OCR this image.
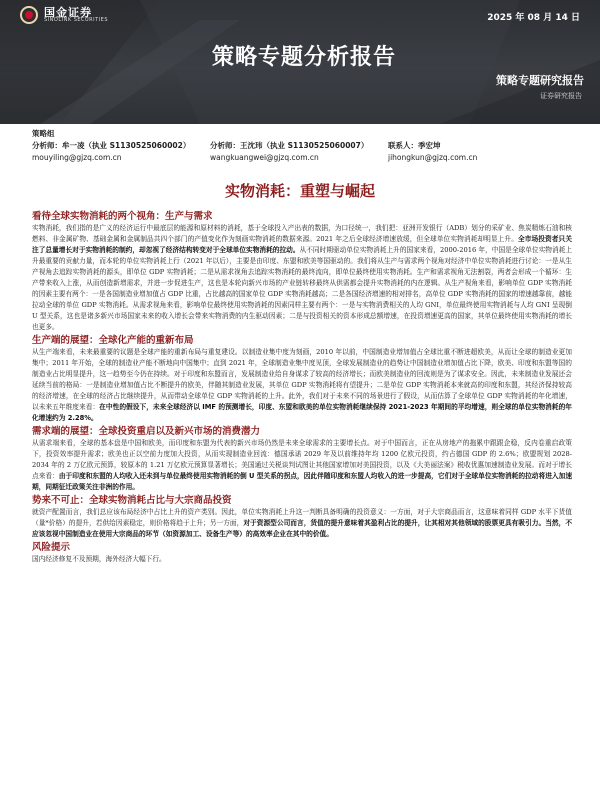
国金证券
SINOLINK SECURITIES	2025 年 08 月 14 日
策略专题分析报告
策略专题研究报告
证券研究报告
策略组
分析师：牟一凌（执业 S1130525060002）	分析师：王沈玮（执业 S1130525060007）	联系人：季宏坤
mouyiling@gjzq.com.cn	wangkuangwei@gjzq.com.cn	jihongkun@gjzq.com.cn
实物消耗：重塑与崛起
看待全球实物消耗的两个视角：生产与需求

实物消耗，我们指的是广义的经济运行中最底层的能源和原材料的消耗，基于全球投入产出表的数据，为口径统一，我们把：亚洲开发银行（ADB）划分的采矿业、焦炭精炼石油和核燃料、非金属矿物、基础金属和金属制品共四个部门的产值变化作为刻画实物消耗的数据来源。2021 年之后全球经济增速放缓，但全球单位实物消耗却明显上升。全市场投资者只关注了总量增长对于实物消耗的制约，却忽视了经济结构转变对于全球单位实物消耗的拉动。从不同时期驱动单位实物消耗上升的国家来看，2000-2016 年，中国是全球单位实物消耗上升最重要的贡献力量，而本轮的单位实物消耗上行（2021 年以后），主要是由印度、东盟和欧美等国驱动的。我们将从生产与需求两个视角对经济中单位实物消耗进行讨论：一是从生产视角去追踪实物消耗的源头，即单位 GDP 实物消耗；二是从需求视角去追踪实物消耗的最终流向，即单位最终使用实物消耗。生产和需求视角无法割裂，两者会形成一个循环：生产带来收入上涨，从而创造新增需求，并进一步促进生产，这也是本轮向新兴市场的产业链转移最终从供需都会提升实物消耗的内在逻辑。从生产视角来看，影响单位 GDP 实物消耗的因素主要有两个：一是各国制造业增加值占 GDP 比重，占比越高的国家单位 GDP 实物消耗越高；二是各国经济增速的相对排名，高单位 GDP 实物消耗的国家的增速越靠前，越能拉动全球的单位 GDP 实物消耗。从需求视角来看，影响单位最终使用实物消耗的因素同样主要有两个：一是与实物消费相关的人均 GNI，单位最终使用实物消耗与人均 GNI 呈现倒 U 型关系，这也是诸多新兴市场国家未来的收入增长会带来实物消费的内生驱动因素；二是与投资相关的资本形成总额增速，在投资增速更高的国家，其单位最终使用实物消耗的增长也更多。

生产端的展望：全球化产能的重新布局

从生产端来看，未来最重要的议题是全球产能的重新布局与重复建设。以制造业集中度为刻画，2010 年以前，中国制造业增加值占全球比重不断进超欧美，从而让全球的制造业更加集中；2011 年开始，全球的制造业产能不断地向中国集中；直到 2021 年，全球制造业集中度见顶，全球发展制造业的趋势让中国制造业增加值占比下降，欧美、印度和东盟等国的制造业占比明显提升，这一趋势至今仍在持续。对于印度和东盟而言，发展制造业给自身谋求了较高的经济增长；而欧美制造业的回流则是为了谋求安全。因此，未来制造业发展还会延续当前的格局：一是制造业增加值占比不断提升的欧美，伴随其制造业发展，其单位 GDP 实物消耗将有望提升；二是单位 GDP 实物消耗本来就高的印度和东盟，其经济保持较高的经济增速，在全球的经济占比继续提升，从而带动全球单位 GDP 实物消耗的上升。此外，我们对于未来不同的场景进行了假设，从而估算了全球单位 GDP 实物消耗的年化增速，以未来五年维度来看：在中性的假设下，未来全球经济以 IMF 的预测增长，印度、东盟和欧美的单位实物消耗继续保持 2021-2023 年期间的平均增速，则全球的单位实物消耗的年化增速约为 2.28%。

需求端的展望：全球投资重启以及新兴市场的消费潜力

从需求端来看，全球的基本盘是中国和欧美，而印度和东盟为代表的新兴市场仍然是未来全球需求的主要增长点。对于中国而言，正在从房地产的拖累中跟跟企稳，反内卷重启政策下，投资效率提升需求；欧美也正以空前力度加大投资，从而实现制造业回流：德国承诺 2029 年及以前维持年均 1200 亿欧元投资，约占德国 GDP 的 2.6%；欧盟规划 2028-2034 年的 2 万亿欧元预算，较原本的 1.21 万亿欧元预算显著增长；美国通过关税谈判试图让其他国家增加对美国投资，以及《大美丽法案》税收优惠加速制造业发展。而对于增长点来看：由于印度和东盟的人均收入还未到与单位最终使用实物消耗的倒 U 型关系的拐点，因此伴随印度和东盟人均收入的进一步提高，它们对于全球单位实物消耗的拉动将进入加速期，同期征迁政策关注非洲的作用。

势来不可止：全球实物消耗占比与大宗商品投资

就资产配置而言，我们总应该布局经济中占比上升的资产类别。因此，单位实物消耗上升这一判断具备明确的投资意义：一方面，对于大宗商品而言，这意味着同样 GDP 水平下货值（量*价格）的提升，若供给因素稳定，则价格将趋于上升；另一方面，对于资源型公司而言，货值的提升意味着其盈利占比的提升，让其相对其他领域的股票更具有吸引力。当然，不应该忽视中国制造业在使用大宗商品的环节（如资源加工、设备生产等）的高效率企业在其中的价值。

风险提示

国内经济修复不及预期，海外经济大幅下行。
